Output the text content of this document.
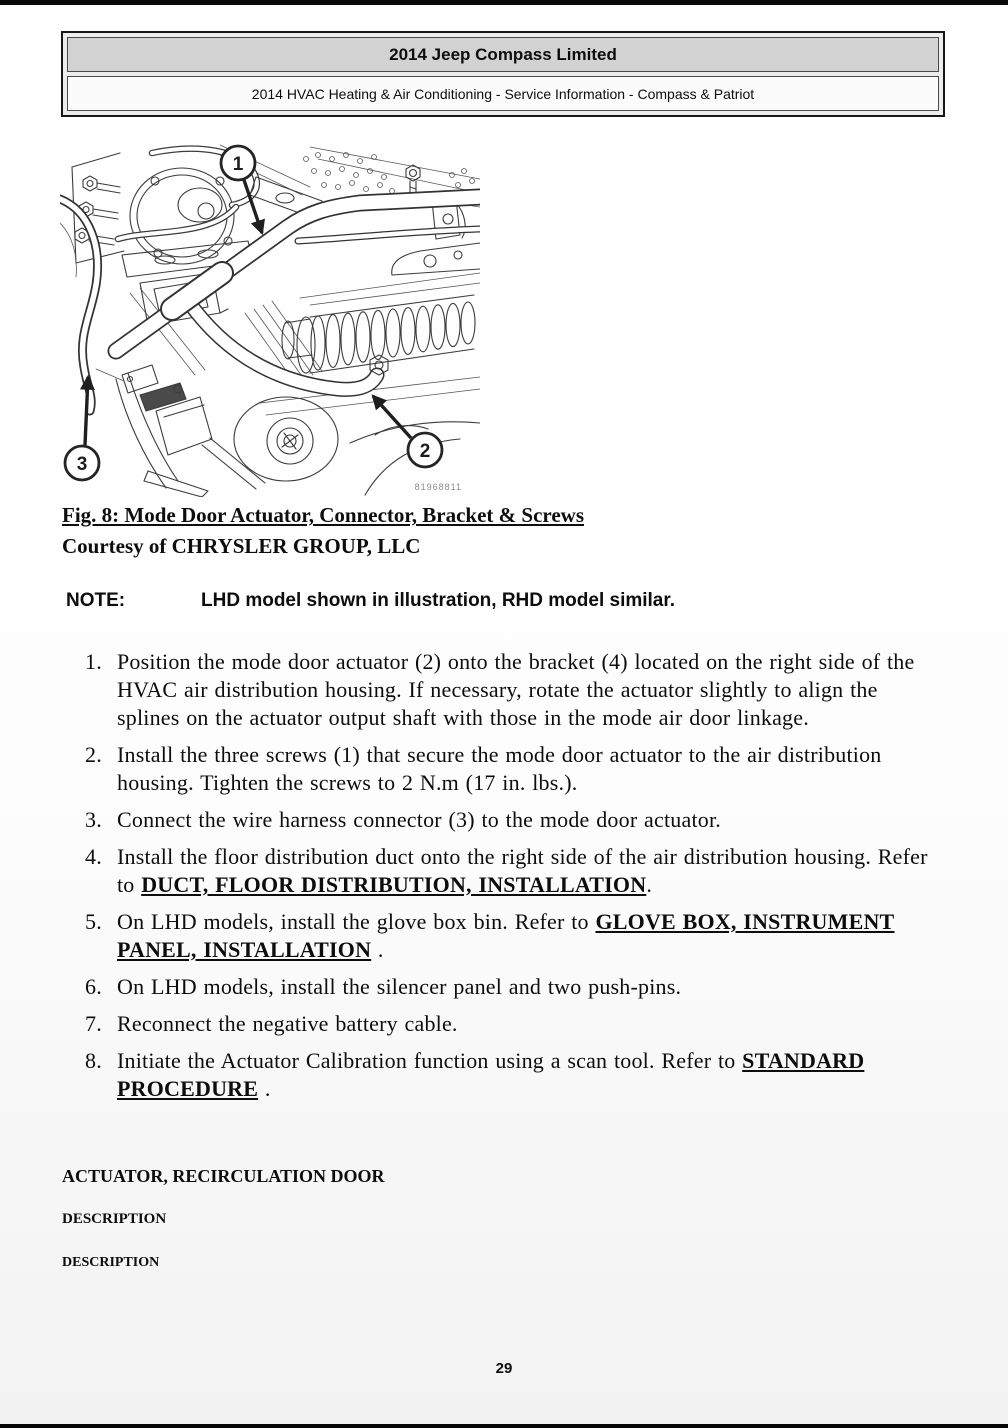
2014 Jeep Compass Limited
2014 HVAC Heating & Air Conditioning - Service Information - Compass & Patriot
1
2
3
81968811
Fig. 8: Mode Door Actuator, Connector, Bracket & Screws
Courtesy of CHRYSLER GROUP, LLC
NOTE:	LHD model shown in illustration, RHD model similar.
1. Position the mode door actuator (2) onto the bracket (4) located on the right side of the HVAC air distribution housing. If necessary, rotate the actuator slightly to align the splines on the actuator output shaft with those in the mode air door linkage.

2. Install the three screws (1) that secure the mode door actuator to the air distribution housing. Tighten the screws to 2 N.m (17 in. lbs.).

3. Connect the wire harness connector (3) to the mode door actuator.

4. Install the floor distribution duct onto the right side of the air distribution housing. Refer to DUCT, FLOOR DISTRIBUTION, INSTALLATION.

5. On LHD models, install the glove box bin. Refer to GLOVE BOX, INSTRUMENT PANEL, INSTALLATION .

6. On LHD models, install the silencer panel and two push-pins.

7. Reconnect the negative battery cable.

8. Initiate the Actuator Calibration function using a scan tool. Refer to STANDARD PROCEDURE .

ACTUATOR, RECIRCULATION DOOR
DESCRIPTION
DESCRIPTION
29
